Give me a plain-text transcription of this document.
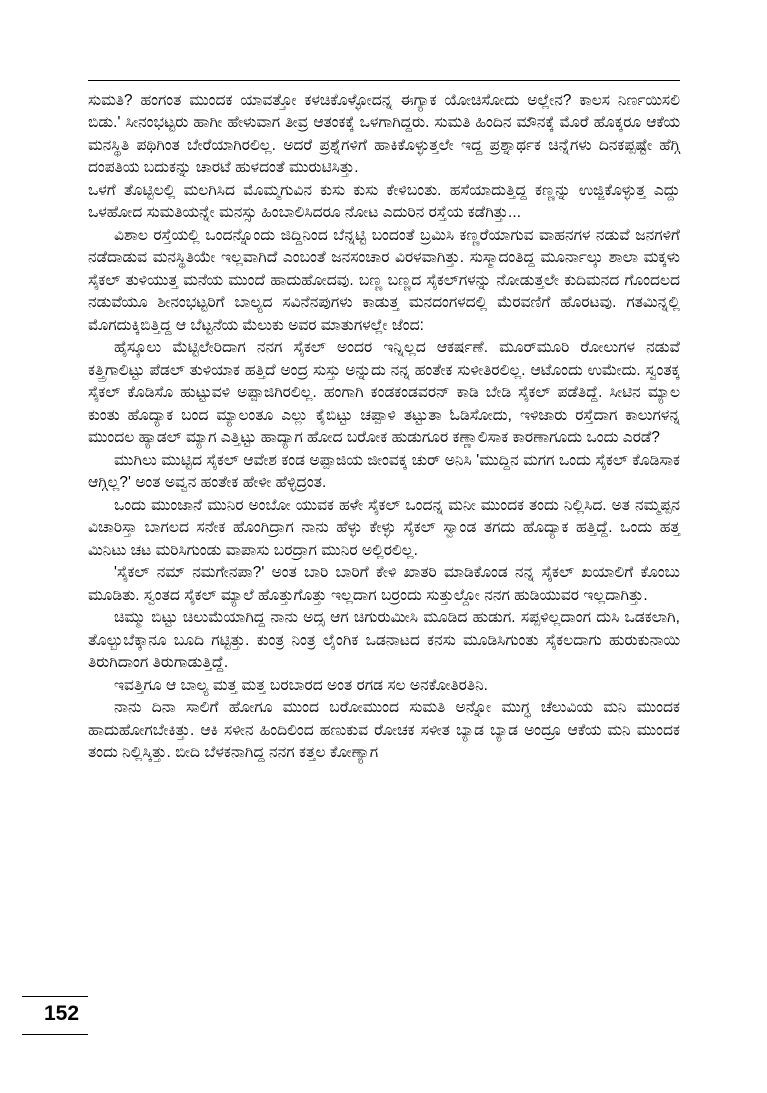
ಸುಮತಿ? ಹಂಗಂತ ಮುಂದಕ ಯಾವತ್ತೋ ಕಳಚಿಕೊಳ್ಳೋದನ್ನ ಈಗ್ಯಾಕ ಯೋಚಿಸೋದು ಅಲ್ಲೇನ? ಕಾಲಸ ನಿರ್ಣಯಿಸಲಿ ಬಿಡು.' ಸೀನಂಭಟ್ಟರು ಹಾಗೀ ಹೇಳುವಾಗ ತೀವ್ರ ಆತಂಕಕ್ಕೆ ಒಳಗಾಗಿದ್ದರು. ಸುಮತಿ ಹಿಂದಿನ ಮೌನಕ್ಕೆ ಮೊರೆ ಹೊಕ್ಕರೂ ಆಕೆಯ ಮನಸ್ಥಿತಿ ಪಥಿಗಿಂತ ಬೇರೆಯಾಗಿರಲಿಲ್ಲ. ಅದರೆ ಪ್ರಶ್ನೆಗಳಿಗೆ ಹಾಕಿಕೊಳ್ಳುತ್ತಲೇ ಇದ್ದ ಪ್ರಶ್ನಾರ್ಥಕ ಚಿನ್ನೆಗಳು ದಿನಕಪ್ಪಷ್ಟೇ ಹೆಗ್ಗಿ ದಂಪತಿಯ ಬದುಕನ್ನು ಚಾರಟೆ ಹುಳದಂತೆ ಮುರುಟಿಸಿತ್ತು.

ಒಳಗೆ ತೊಟ್ಟಿಲಲ್ಲಿ ಮಲಗಿಸಿದ ಮೊಮ್ಮಗುವಿನ ಕುಸು ಕುಸು ಕೇಳಿಬಂತು. ಹಸೆಯಾದುತ್ತಿದ್ದ ಕಣ್ಣನ್ನು ಉಜ್ಜಿಕೊಳ್ಳುತ್ತ ಎದ್ದು ಒಳಹೋದ ಸುಮತಿಯನ್ನೇ ಮನಸ್ಸು ಹಿಂಬಾಲಿಸಿದರೂ ನೋಟ ಎದುರಿನ ರಸ್ತೆಯ ಕಡೆಗಿತ್ತು...

ವಿಶಾಲ ರಸ್ತೆಯಲ್ಲಿ ಒಂದನ್ನೊಂದು ಜಿದ್ದಿನಿಂದ ಬೆನ್ನಟ್ಟಿ ಬಂದಂತೆ ಬ್ರಮಿಸಿ ಕಣ್ಣರೆಯಾಗುವ ವಾಹನಗಳ ನಡುವೆ ಜನಗಳಿಗೆ ನಡೆದಾಡುವ ಮನಸ್ಥಿತಿಯೇ ಇಲ್ಲವಾಗಿದೆ ಎಂಬಂತೆ ಜನಸಂಚಾರ ವಿರಳವಾಗಿತ್ತು. ಸುಸ್ಮಾದಂತಿದ್ದ ಮೂರ್ನಾಲ್ಕು ಶಾಲಾ ಮಕ್ಕಳು ಸೈಕಲ್ ತುಳಿಯುತ್ತ ಮನೆಯ ಮುಂದೆ ಹಾದುಹೋದವು. ಬಣ್ಣ ಬಣ್ಣದ ಸೈಕಲ್‌ಗಳನ್ನು ನೋಡುತ್ತಲೇ ಕುದಿಮನದ ಗೊಂದಲದ ನಡುವೆಯೂ ಶೀನಂಭಟ್ಟರಿಗೆ ಬಾಲ್ಯದ ಸವಿನೆನಪುಗಳು ಕಾಡುತ್ತ ಮನದಂಗಳದಲ್ಲಿ ಮೆರವಣಿಗೆ ಹೊರಟವು. ಗತಮಿನ್ನಲ್ಲಿ ಮೊಗದುಕ್ಕಿಬಿತ್ತಿದ್ದ ಆ ಬೆಟ್ಟನೆಯ ಮೆಲುಕು ಅವರ ಮಾತುಗಳಲ್ಲೇ ಜೆಂದ:

ಹೈಸ್ಕೂಲು ಮೆಟ್ಟಿಲೇರಿದಾಗ ನನಗ ಸೈಕಲ್ ಅಂದರ ಇನ್ನಿಲ್ಲದ ಆಕರ್ಷಣೆ. ಮೂರ್‌ಮೂರಿ ರೋಲುಗಳ ನಡುವೆ ಕತ್ತ್ರಿಗಾಲಿಟ್ಟು ಪೆಡಲ್ ತುಳಿಯಾಕ ಹತ್ತಿದೆ ಅಂದ್ರ ಸುಸ್ತು ಅನ್ನುದು ನನ್ನ ಹಂತೇಕ ಸುಳೀತಿರಲಿಲ್ಲ. ಆಟೊಂದು ಉಮೇದು. ಸ್ವಂತಕ್ಕ ಸೈಕಲ್ ಕೊಡಿಸೊ ಹುಟ್ಟುವಳಿ ಅಪ್ಪಾಜಿಗಿರಲಿಲ್ಲ. ಹಂಗಾಗಿ ಕಂಡಕಂಡವರನ್ ಕಾಡಿ ಬೇಡಿ ಸೈಕಲ್ ಪಡೆತಿದ್ದೆ. ಸೀಟಿನ ಮ್ಯಾಲ ಕುಂತು ಹೊದ್ಯಾಕ ಬಂದ ಮ್ಯಾಲಂತೂ ಎಲ್ಲು ಕೈಬಿಟ್ಟು ಚಪ್ಪಾಳಿ ತಟ್ಟುತಾ ಓಡಿಸೋದು, ಇಳಿಜಾರು ರಸ್ತೆದಾಗ ಕಾಲುಗಳನ್ನ ಮುಂದಲ ಹ್ಯಾಡಲ್ ಮ್ಯಾಗ ಎತ್ತಿಟ್ಟು ಹಾದ್ಯಾಗ ಹೋದ ಬರೋಕ ಹುಡುಗೂರ ಕಣ್ಣಾಲಿಸಾಕ ಕಾರಣಾಗೂದು ಒಂದು ಎರಡೆ?

ಮುಗಿಲು ಮುಟ್ಟಿದ ಸೈಕಲ್ ಆವೇಶ ಕಂಡ ಅಪ್ಪಾಜಿಯ ಜೀಂವಕ್ಕ ಚುರ್ ಅನಿಸಿ 'ಮುದ್ದಿನ ಮಗಗ ಒಂದು ಸೈಕಲ್ ಕೊಡಿಸಾಕ ಆಗ್ಗಿಲ್ಲ?' ಅಂತ ಅವ್ವನ ಹಂತೇಕ ಹೇಳೀ ಹೆಳ್ಳಿದ್ರಂತ.

ಒಂದು ಮುಂಜಾನೆ ಮುನಿರ ಅಂಬೋ ಯುವಕ ಹಳೇ ಸೈಕಲ್ ಒಂದನ್ನ ಮನೀ ಮುಂದಕ ತಂದು ನಿಲ್ಲಿಸಿದ. ಅತ ನಮ್ಮಪ್ಪನ ವಿಚಾರಿಸ್ತಾ ಬಾಗಲದ ಸನೇಕ ಹೊಂಗಿದ್ರಾಗ ನಾನು ಹೆಳ್ಳು ಕೇಳ್ಳು ಸೈಕಲ್ ಸ್ವಾಂಡ ತಗದು ಹೊದ್ಯಾಕ ಹತ್ತಿದ್ದೆ. ಒಂದು ಹತ್ತ ಮಿನಿಟು ಚಟ ಮರಿಸಿಗುಂಡು ವಾಪಾಸು ಬರದ್ರಾಗ ಮುನಿರ ಅಲ್ಲಿರಲಿಲ್ಲ.

'ಸೈಕಲ್ ನಮ್ ನಮಗೇನಪಾ?' ಅಂತ ಬಾರಿ ಬಾರಿಗೆ ಕೇಳಿ ಖಾತರಿ ಮಾಡಿಕೊಂಡ ನನ್ನ ಸೈಕಲ್ ಖಯಾಲಿಗೆ ಕೊಂಬು ಮೂಡಿತು. ಸ್ವಂತದ ಸೈಕಲ್ ಮ್ಯಾಲೆ ಹೊತ್ತುಗೊತ್ತು ಇಲ್ಲದಾಗ ಬರ್ರಂದು ಸುತ್ತುಲ್ದೋ ನನಗ ಹುಡಿಯುವರ ಇಲ್ಲದಾಗಿತ್ತು.

ಚಿಮ್ಮು ಬಿಟ್ಟು ಚಿಲುಮೆಯಾಗಿದ್ದ ನಾನು ಅದ್ಸ ಆಗ ಚಿಗುರುಮೀಸಿ ಮೂಡಿದ ಹುಡುಗ. ಸಪ್ಪಳಿಲ್ಲದಾಂಗ ದುಸಿ ಒಡಕಲಾಗಿ, ತೊಲ್ಬುಬೆಕ್ಕಾನೂ ಬೂದಿ ಗಟ್ಟಿತ್ತು. ಕುಂತ್ರ ನಿಂತ್ರ ಲೈಂಗಿಕ ಒಡನಾಟದ ಕನಸು ಮೂಡಿಸಿಗುಂತು ಸೈಕಲದಾಗು ಹುರುಕುನಾಯಿ ತಿರುಗಿದಾಂಗ ತಿರುಗಾಡುತ್ತಿದ್ದೆ.

ಇವತ್ತಿಗೂ ಆ ಬಾಲ್ಯ ಮತ್ತ ಮತ್ತ ಬರಬಾರದ ಅಂತ ರಗಡ ಸಲ ಅನಕೋತಿರತಿನಿ.

ನಾನು ದಿನಾ ಸಾಲಿಗೆ ಹೋಗೂ ಮುಂದ ಬರೋಮುಂದ ಸುಮತಿ ಅನ್ನೋ ಮುಗ್ಧ ಚೆಲುವಿಯ ಮನಿ ಮುಂದಕ ಹಾದುಹೋಗಬೇಕಿತ್ತು. ಆಕಿ ಸಳೀನ ಹಿಂದಿಲಿಂದ ಹಣುಕುವ ರೋಚಕ ಸಳೀತ ಬ್ಯಾಡ ಬ್ಯಾಡ ಅಂದ್ರೂ ಆಕೆಯ ಮನಿ ಮುಂದಕ ತಂದು ನಿಲ್ಲಿಸ್ಕಿತ್ತು. ಬೀದಿ ಬೆಳಕನಾಗಿದ್ದ ನನಗ ಕತ್ತಲ ಕೋಣ್ಯಾಗ

152
